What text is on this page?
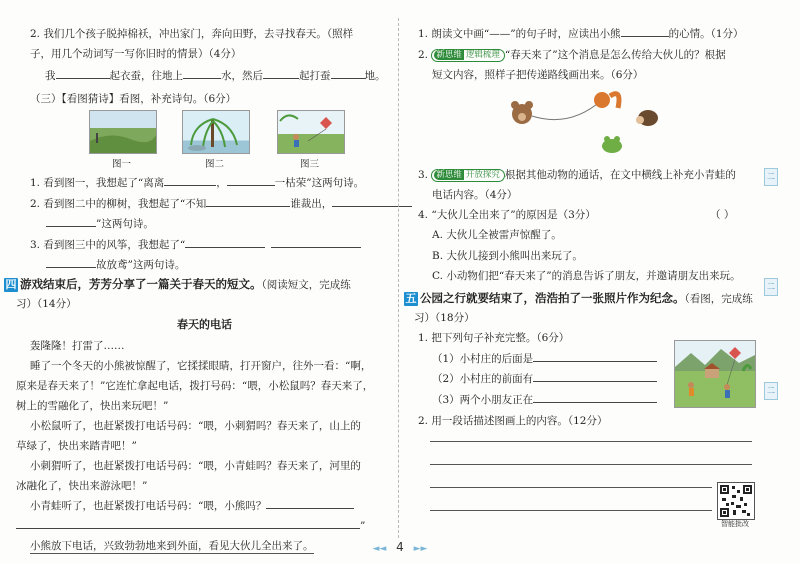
2. 我们几个孩子脱掉棉袄，冲出家门，奔向田野，去寻找春天。（照样
子，用几个动词写一写你旧时的情景）（4分）
我	起衣蚕，往地上	水，然后	起打蚕	地。
（三）【看图猜诗】看图，补充诗句。（6分）
图一	图二	图三
1. 看到图一，我想起了“离离	，	一枯荣”这两句诗。
2. 看到图二中的柳树，我想起了“不知	谁裁出，
”这两句诗。
3. 看到图三中的风筝，我想起了“
故放鸢”这两句诗。
四 游戏结束后，芳芳分享了一篇关于春天的短文。（阅读短文，完成练
习）（14分）
春天的电话
轰隆隆！打雷了……
睡了一个冬天的小熊被惊醒了，它揉揉眼睛，打开窗户，往外一看：“啊，
原来是春天来了！”它连忙拿起电话，拨打号码：“喂，小松鼠吗？春天来了，
树上的雪融化了，快出来玩吧！”
小松鼠听了，也赶紧拨打电话号码：“喂，小刺猬吗？春天来了，山上的
草绿了，快出来踏青吧！”
小刺猬听了，也赶紧拨打电话号码：“喂，小青蛙吗？春天来了，河里的
冰融化了，快出来游泳吧！”
小青蛙听了，也赶紧拨打电话号码：“喂，小熊吗？
”
小熊放下电话，兴致勃勃地来到外面，看见大伙儿全出来了。
1. 朗读文中画“——”的句子时，应读出小熊	的心情。（1分）
2. 新思维 逻辑梳理 “春天来了”这个消息是怎么传给大伙儿的？根据
短文内容，照样子把传递路线画出来。（6分）
3. 新思维 开放探究 根据其他动物的通话，在文中横线上补充小青蛙的
电话内容。（4分）
4. “大伙儿全出来了”的原因是（3分）	（ ）
A. 大伙儿全被雷声惊醒了。
B. 大伙儿接到小熊叫出来玩了。
C. 小动物们把“春天来了”的消息告诉了朋友，并邀请朋友出来玩。
五 公园之行就要结束了，浩浩拍了一张照片作为纪念。（看图，完成练
习）（18分）
1. 把下列句子补充完整。（6分）
（1）小村庄的后面是
（2）小村庄的前面有
（3）两个小朋友正在
2. 用一段话描述图画上的内容。（12分）
智能批改
二
二
二
◄◄ 4 ►►
